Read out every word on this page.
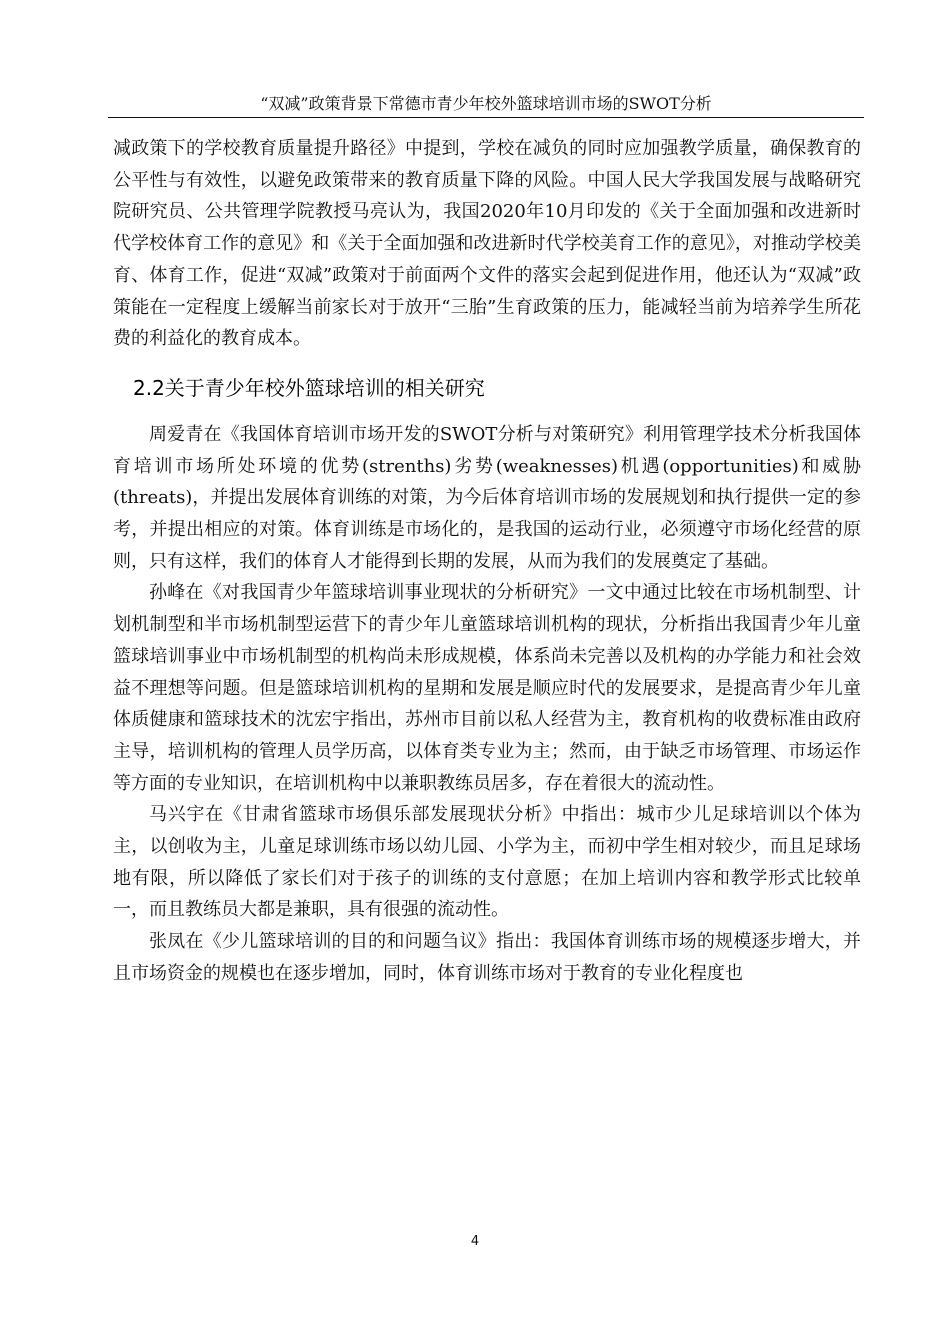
“双减”政策背景下常德市青少年校外篮球培训市场的SWOT分析

减政策下的学校教育质量提升路径》中提到，学校在减负的同时应加强教学质量，确保教育的公平性与有效性，以避免政策带来的教育质量下降的风险。中国人民大学我国发展与战略研究院研究员、公共管理学院教授马亮认为，我国2020年10月印发的《关于全面加强和改进新时代学校体育工作的意见》和《关于全面加强和改进新时代学校美育工作的意见》，对推动学校美育、体育工作，促进“双减”政策对于前面两个文件的落实会起到促进作用，他还认为“双减”政策能在一定程度上缓解当前家长对于放开“三胎”生育政策的压力，能减轻当前为培养学生所花费的利益化的教育成本。

2.2关于青少年校外篮球培训的相关研究

周爱青在《我国体育培训市场开发的SWOT分析与对策研究》利用管理学技术分析我国体育培训市场所处环境的优势(strenths)劣势(weaknesses)机遇(opportunities)和威胁(threats)，并提出发展体育训练的对策，为今后体育培训市场的发展规划和执行提供一定的参考，并提出相应的对策。体育训练是市场化的，是我国的运动行业，必须遵守市场化经营的原则，只有这样，我们的体育人才能得到长期的发展，从而为我们的发展奠定了基础。

孙峰在《对我国青少年篮球培训事业现状的分析研究》一文中通过比较在市场机制型、计划机制型和半市场机制型运营下的青少年儿童篮球培训机构的现状，分析指出我国青少年儿童篮球培训事业中市场机制型的机构尚未形成规模，体系尚未完善以及机构的办学能力和社会效益不理想等问题。但是篮球培训机构的星期和发展是顺应时代的发展要求，是提高青少年儿童体质健康和篮球技术的沈宏宇指出，苏州市目前以私人经营为主，教育机构的收费标准由政府主导，培训机构的管理人员学历高，以体育类专业为主；然而，由于缺乏市场管理、市场运作等方面的专业知识，在培训机构中以兼职教练员居多，存在着很大的流动性。

马兴宇在《甘肃省篮球市场俱乐部发展现状分析》中指出：城市少儿足球培训以个体为主，以创收为主，儿童足球训练市场以幼儿园、小学为主，而初中学生相对较少，而且足球场地有限，所以降低了家长们对于孩子的训练的支付意愿；在加上培训内容和教学形式比较单一，而且教练员大都是兼职，具有很强的流动性。

张凤在《少儿篮球培训的目的和问题刍议》指出：我国体育训练市场的规模逐步增大，并且市场资金的规模也在逐步增加，同时，体育训练市场对于教育的专业化程度也

4
